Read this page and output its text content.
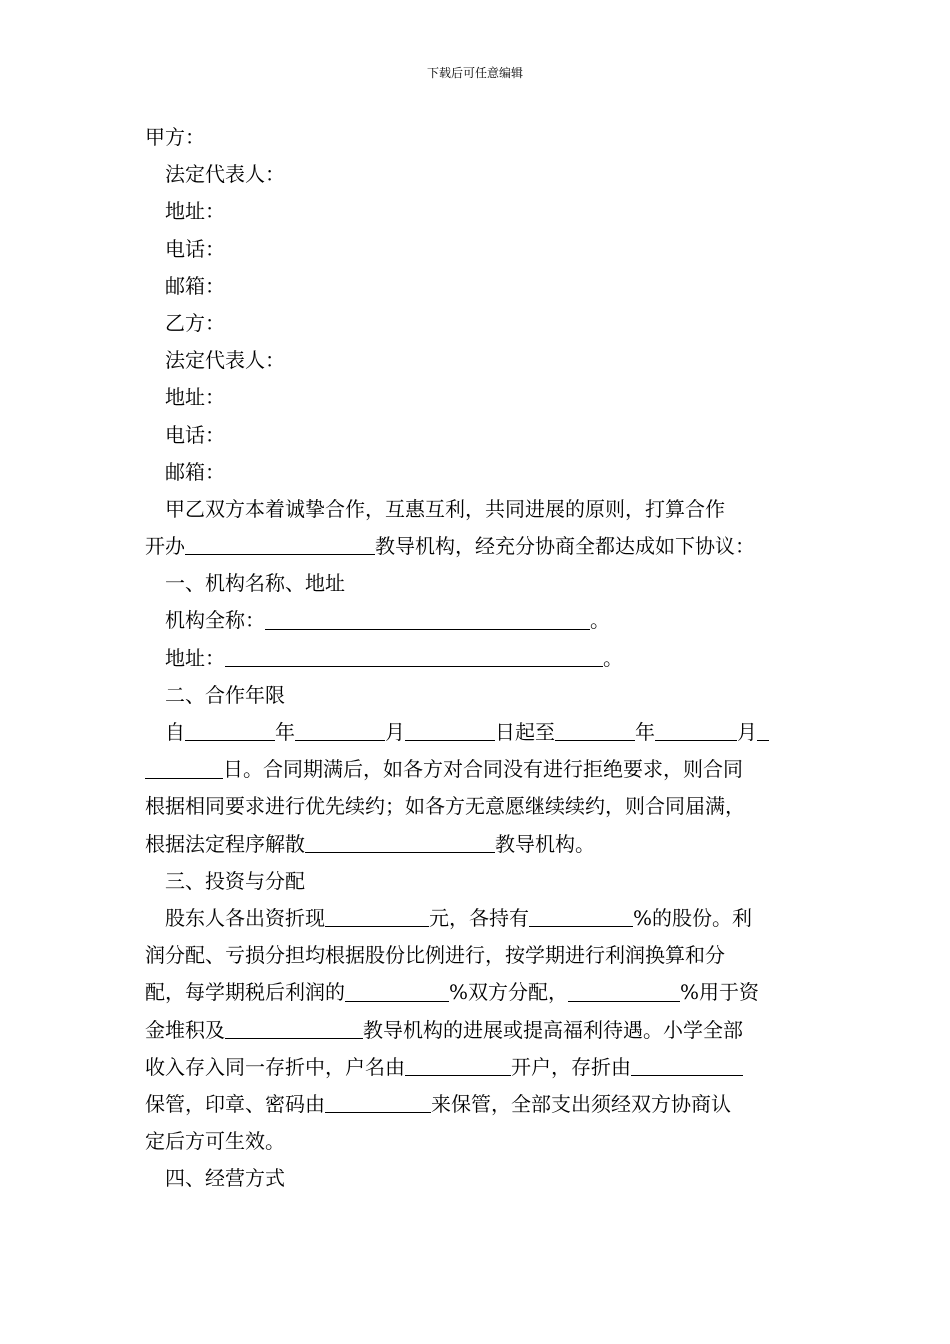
下载后可任意编辑
甲方：
法定代表人：
地址：
电话：
邮箱：
乙方：
法定代表人：
地址：
电话：
邮箱：
甲乙双方本着诚挚合作，互惠互利，共同进展的原则，打算合作
开办	教导机构，经充分协商全都达成如下协议：
一、机构名称、地址
机构全称：	。
地址：	。
二、合作年限
自	年	月	日起至	年	月
日。合同期满后，如各方对合同没有进行拒绝要求，则合同
根据相同要求进行优先续约；如各方无意愿继续续约，则合同届满，
根据法定程序解散	教导机构。
三、投资与分配
股东人各出资折现	元，各持有	%的股份。利
润分配、亏损分担均根据股份比例进行，按学期进行利润换算和分
配，每学期税后利润的	%双方分配，	%用于资
金堆积及	教导机构的进展或提高福利待遇。小学全部
收入存入同一存折中，户名由	开户，存折由
保管，印章、密码由	来保管，全部支出须经双方协商认
定后方可生效。
四、经营方式
